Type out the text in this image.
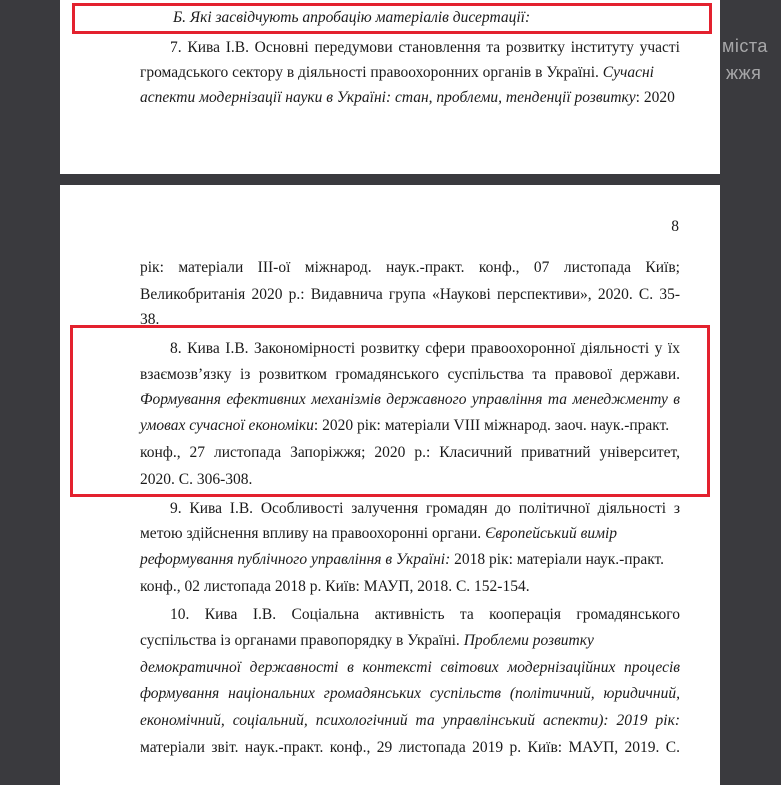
Б. Які засвідчують апробацію матеріалів дисертації:

7. Кива І.В. Основні передумови становлення та розвитку інституту участі

громадського сектору в діяльності правоохоронних органів в Україні. Сучасні

аспекти модернізації науки в Україні: стан, проблеми, тенденції розвитку: 2020

8

рік: матеріали ІІІ-ої міжнарод. наук.-практ. конф., 07 листопада Київ;

Великобританія 2020 р.: Видавнича група «Наукові перспективи», 2020. С. 35-

38.

8. Кива І.В. Закономірності розвитку сфери правоохоронної діяльності у їх

взаємозв’язку із розвитком громадянського суспільства та правової держави.

Формування ефективних механізмів державного управління та менеджменту в

умовах сучасної економіки: 2020 рік: матеріали VIII міжнарод. заоч. наук.-практ.

конф., 27 листопада Запоріжжя; 2020 р.: Класичний приватний університет,

2020. С. 306-308.

9. Кива І.В. Особливості залучення громадян до політичної діяльності з

метою здійснення впливу на правоохоронні органи. Європейський вимір

реформування публічного управління в Україні: 2018 рік: матеріали наук.-практ.

конф., 02 листопада 2018 р. Київ: МАУП, 2018. С. 152-154.

10. Кива І.В. Соціальна активність та кооперація громадянського

суспільства із органами правопорядку в Україні. Проблеми розвитку

демократичної державності в контексті світових модернізаційних процесів

формування національних громадянських суспільств (політичний, юридичний,

економічний, соціальний, психологічний та управлінський аспекти): 2019 рік:

матеріали звіт. наук.-практ. конф., 29 листопада 2019 р. Київ: МАУП, 2019. С.

міста
жжя
